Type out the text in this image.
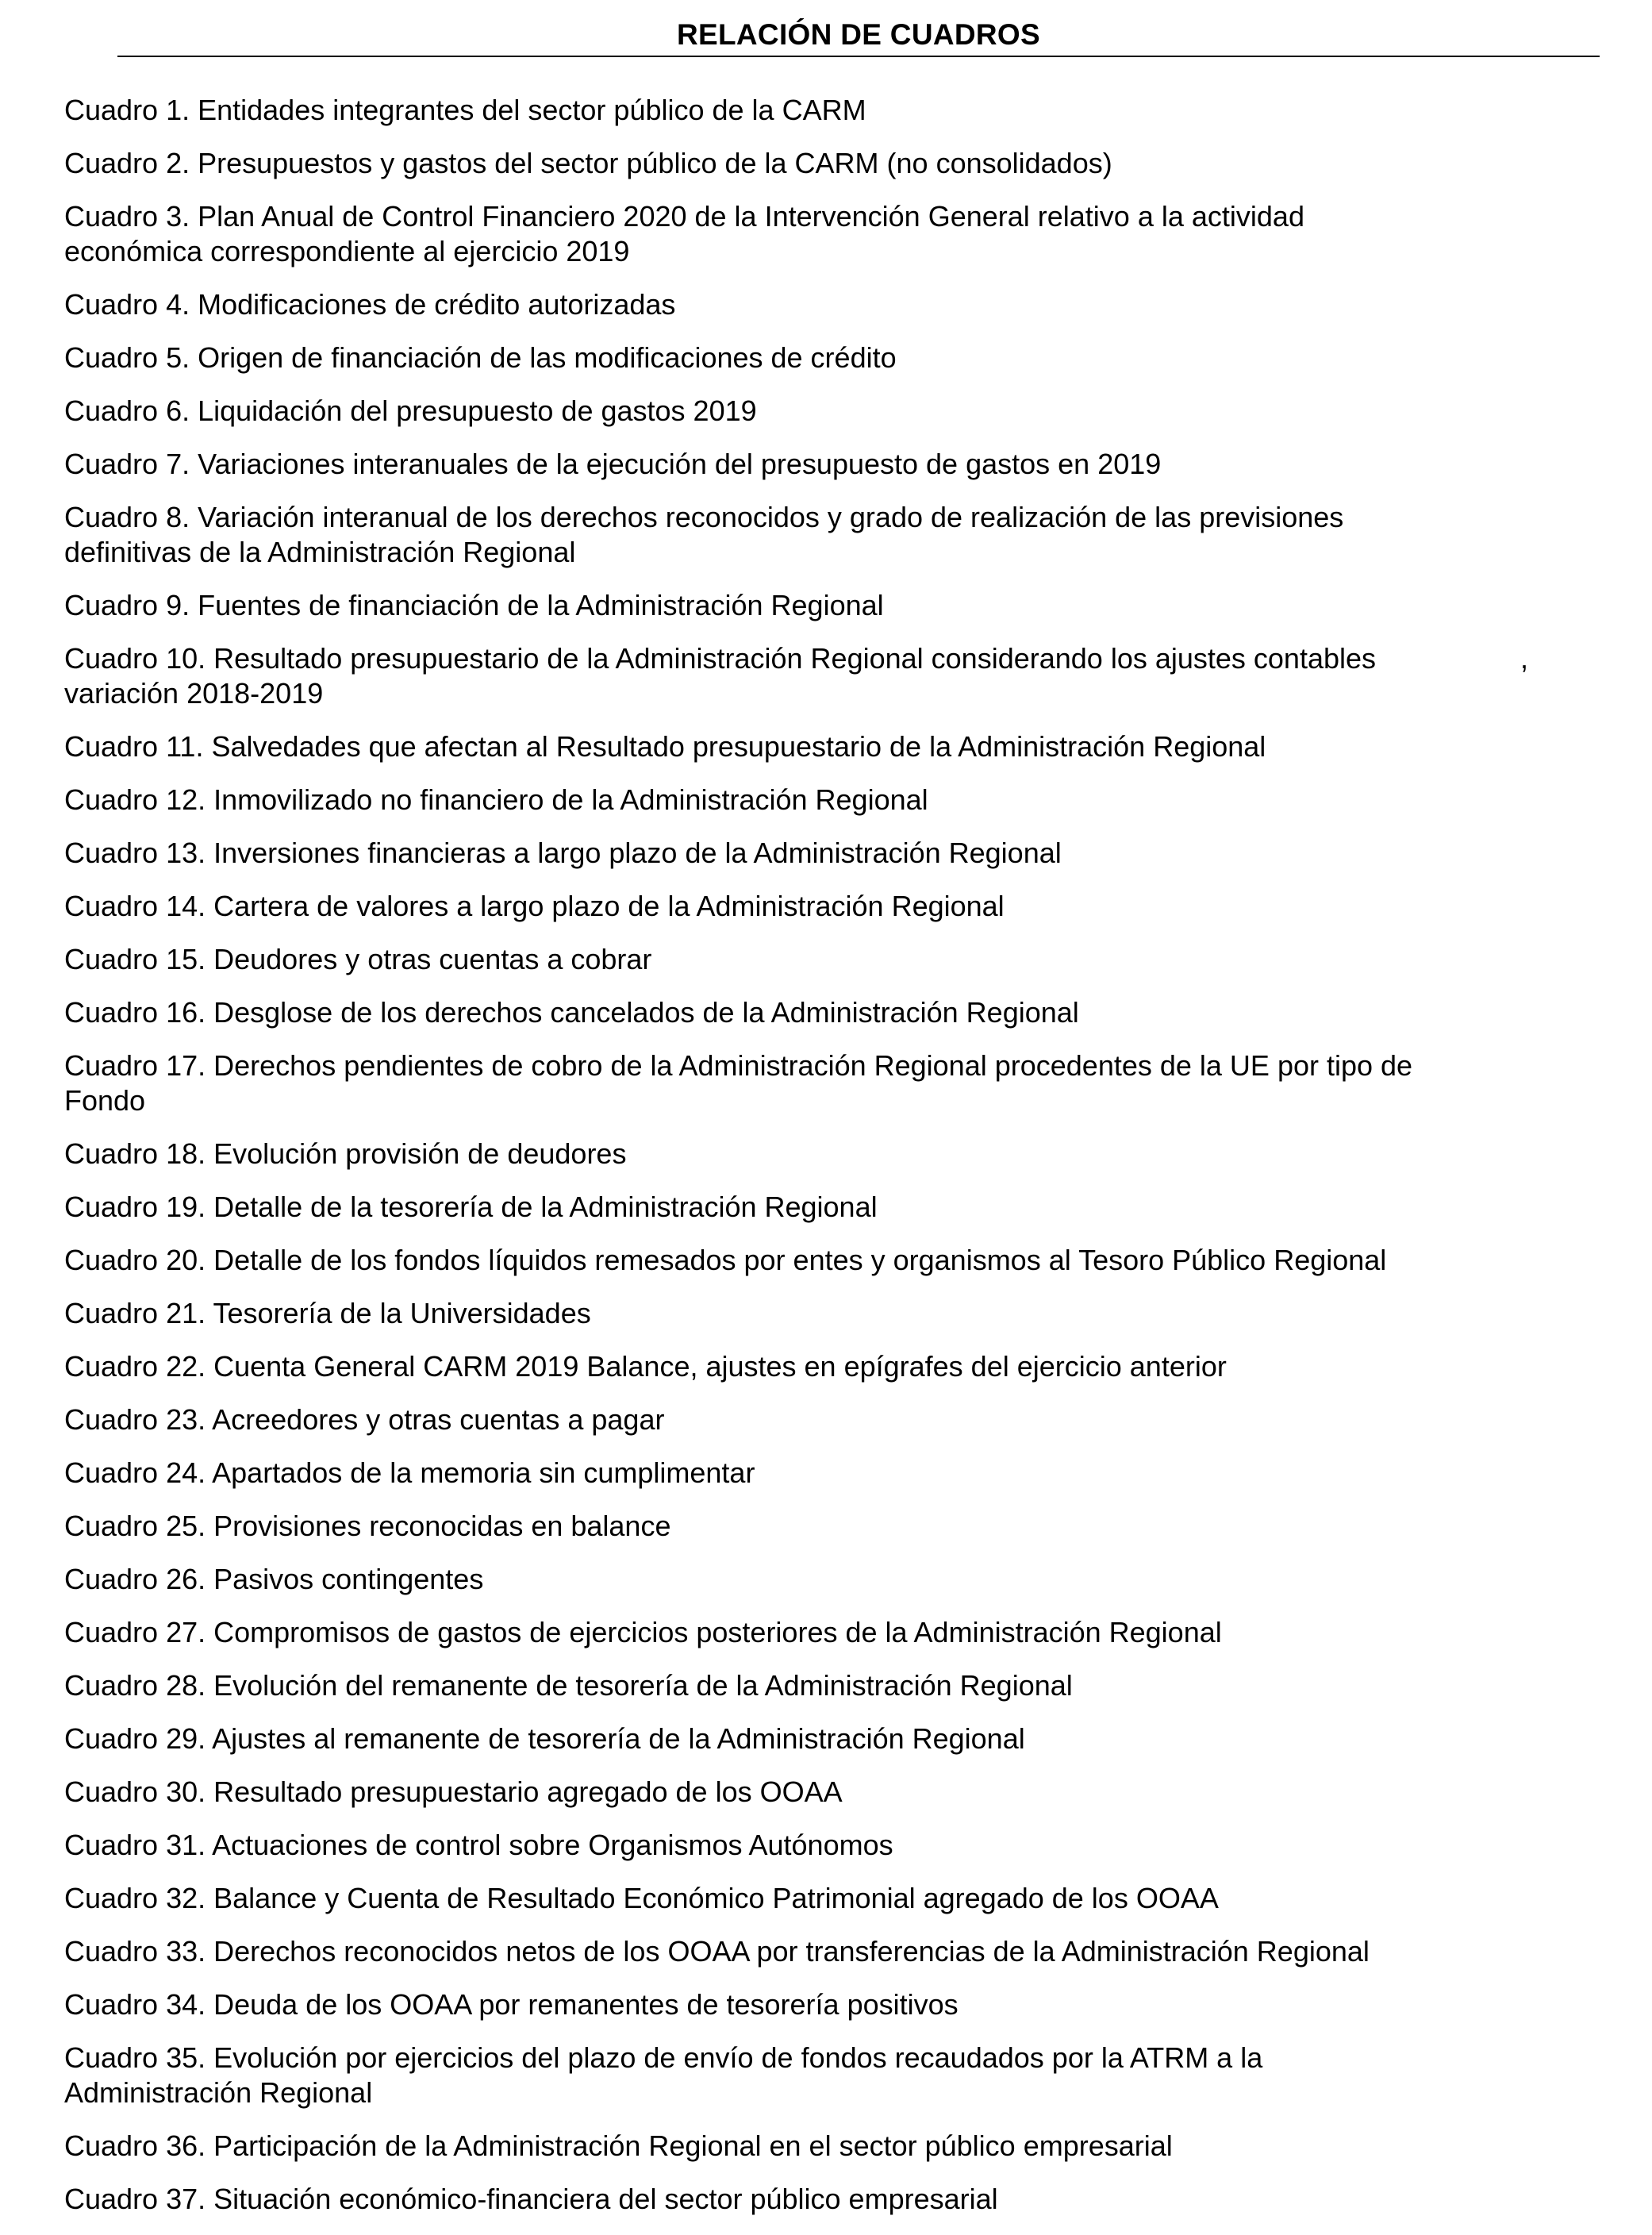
RELACIÓN DE CUADROS
Cuadro 1. Entidades integrantes del sector público de la CARM
Cuadro 2. Presupuestos y gastos del sector público de la CARM (no consolidados)
Cuadro 3. Plan Anual de Control Financiero 2020 de la Intervención General relativo a la actividad
económica correspondiente al ejercicio 2019
Cuadro 4. Modificaciones de crédito autorizadas
Cuadro 5. Origen de financiación de las modificaciones de crédito
Cuadro 6. Liquidación del presupuesto de gastos 2019
Cuadro 7. Variaciones interanuales de la ejecución del presupuesto de gastos en 2019
Cuadro 8. Variación interanual de los derechos reconocidos y grado de realización de las previsiones
definitivas de la Administración Regional
Cuadro 9. Fuentes de financiación de la Administración Regional
Cuadro 10. Resultado presupuestario de la Administración Regional considerando los ajustes contables	,
variación 2018-2019
Cuadro 11. Salvedades que afectan al Resultado presupuestario de la Administración Regional
Cuadro 12. Inmovilizado no financiero de la Administración Regional
Cuadro 13. Inversiones financieras a largo plazo de la Administración Regional
Cuadro 14. Cartera de valores a largo plazo de la Administración Regional
Cuadro 15. Deudores y otras cuentas a cobrar
Cuadro 16. Desglose de los derechos cancelados de la Administración Regional
Cuadro 17. Derechos pendientes de cobro de la Administración Regional procedentes de la UE por tipo de
Fondo
Cuadro 18. Evolución provisión de deudores
Cuadro 19. Detalle de la tesorería de la Administración Regional
Cuadro 20. Detalle de los fondos líquidos remesados por entes y organismos al Tesoro Público Regional
Cuadro 21. Tesorería de la Universidades
Cuadro 22. Cuenta General CARM 2019 Balance, ajustes en epígrafes del ejercicio anterior
Cuadro 23. Acreedores y otras cuentas a pagar
Cuadro 24. Apartados de la memoria sin cumplimentar
Cuadro 25. Provisiones reconocidas en balance
Cuadro 26. Pasivos contingentes
Cuadro 27. Compromisos de gastos de ejercicios posteriores de la Administración Regional
Cuadro 28. Evolución del remanente de tesorería de la Administración Regional
Cuadro 29. Ajustes al remanente de tesorería de la Administración Regional
Cuadro 30. Resultado presupuestario agregado de los OOAA
Cuadro 31. Actuaciones de control sobre Organismos Autónomos
Cuadro 32. Balance y Cuenta de Resultado Económico Patrimonial agregado de los OOAA
Cuadro 33. Derechos reconocidos netos de los OOAA por transferencias de la Administración Regional
Cuadro 34. Deuda de los OOAA por remanentes de tesorería positivos
Cuadro 35. Evolución por ejercicios del plazo de envío de fondos recaudados por la ATRM a la
Administración Regional
Cuadro 36. Participación de la Administración Regional en el sector público empresarial
Cuadro 37. Situación económico-financiera del sector público empresarial
